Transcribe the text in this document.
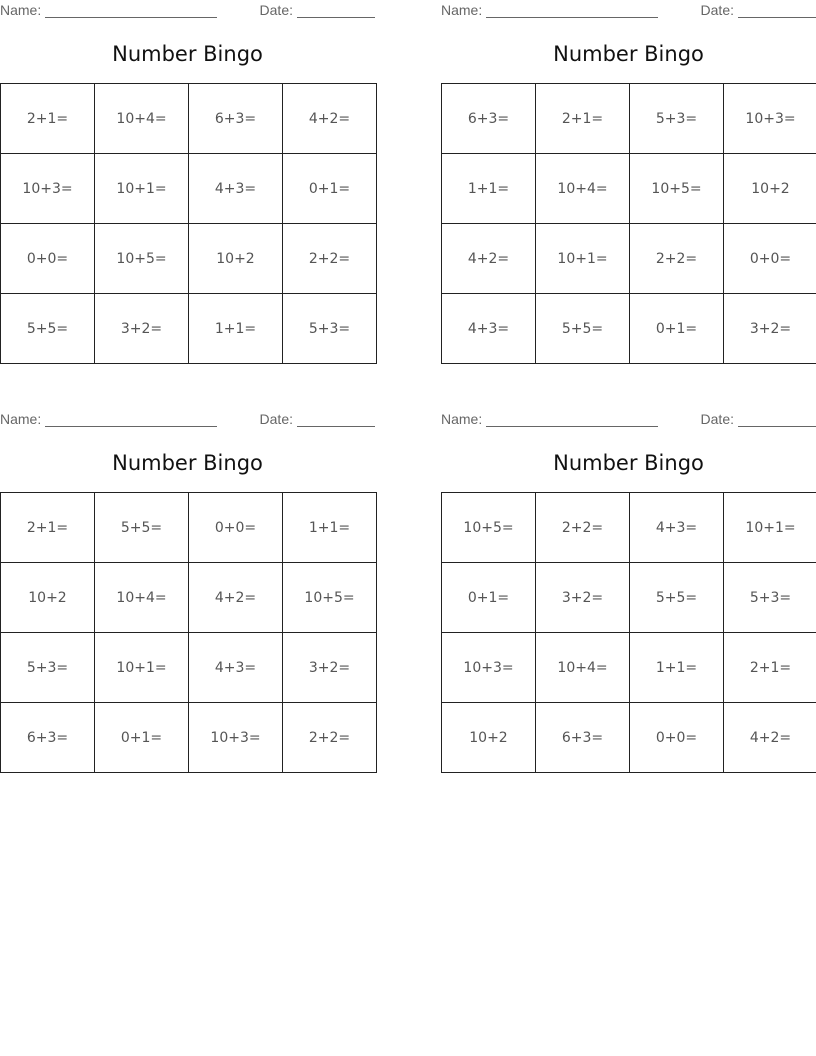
Name:	Date:
Number Bingo
2+1=	10+4=	6+3=	4+2=
10+3=	10+1=	4+3=	0+1=
0+0=	10+5=	10+2	2+2=
5+5=	3+2=	1+1=	5+3=
Name:	Date:
Number Bingo
6+3=	2+1=	5+3=	10+3=
1+1=	10+4=	10+5=	10+2
4+2=	10+1=	2+2=	0+0=
4+3=	5+5=	0+1=	3+2=
Name:	Date:
Number Bingo
2+1=	5+5=	0+0=	1+1=
10+2	10+4=	4+2=	10+5=
5+3=	10+1=	4+3=	3+2=
6+3=	0+1=	10+3=	2+2=
Name:	Date:
Number Bingo
10+5=	2+2=	4+3=	10+1=
0+1=	3+2=	5+5=	5+3=
10+3=	10+4=	1+1=	2+1=
10+2	6+3=	0+0=	4+2=
